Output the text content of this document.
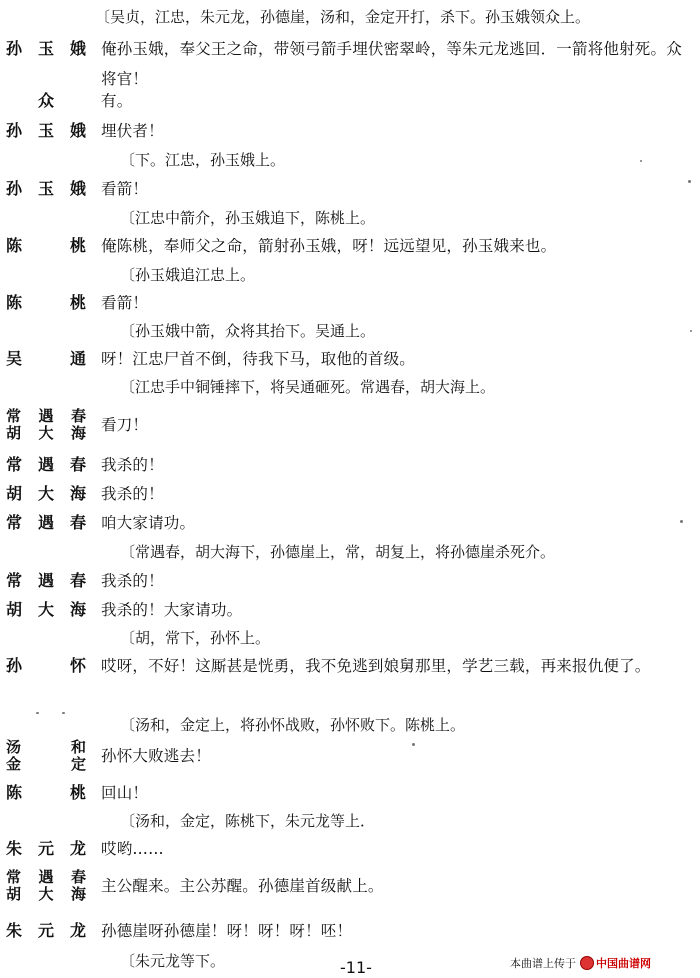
〔吴贞，江忠，朱元龙，孙德崖，汤和，金定开打，杀下。孙玉娥领众上。
孙 玉 娥 俺孙玉娥，奉父王之命，带领弓箭手埋伏密翠岭，等朱元龙逃回．一箭将他射死。众将官！
众	有。
孙 玉 娥 埋伏者！
〔下。江忠，孙玉娥上。
孙 玉 娥 看箭！
〔江忠中箭介，孙玉娥追下，陈桃上。
陈	桃 俺陈桃，奉师父之命，箭射孙玉娥，呀！远远望见，孙玉娥来也。
〔孙玉娥追江忠上。
陈	桃 看箭！
〔孙玉娥中箭，众将其抬下。吴通上。
吴	通 呀！江忠尸首不倒，待我下马，取他的首级。
〔江忠手中铜锤摔下，将吴通砸死。常遇春，胡大海上。
常 遇 春
胡 大 海 看刀！
常 遇 春 我杀的！
胡 大 海 我杀的！
常 遇 春 咱大家请功。
〔常遇春，胡大海下，孙德崖上，常，胡复上，将孙德崖杀死介。
常 遇 春 我杀的！
胡 大 海 我杀的！大家请功。
〔胡，常下，孙怀上。
孙	怀 哎呀，不好！这厮甚是恍勇，我不免逃到娘舅那里，学艺三载，再来报仇便了。
〔汤和，金定上，将孙怀战败，孙怀败下。陈桃上。
汤	和
金	定 孙怀大败逃去！
陈	桃 回山！
〔汤和，金定，陈桃下，朱元龙等上．
朱 元 龙 哎哟……
常 遇 春
胡 大 海 主公醒来。主公苏醒。孙德崖首级献上。
朱 元 龙 孙德崖呀孙德崖！呀！呀！呀！呸！
〔朱元龙等下。	-11-	本曲谱上传于 中国曲谱网
